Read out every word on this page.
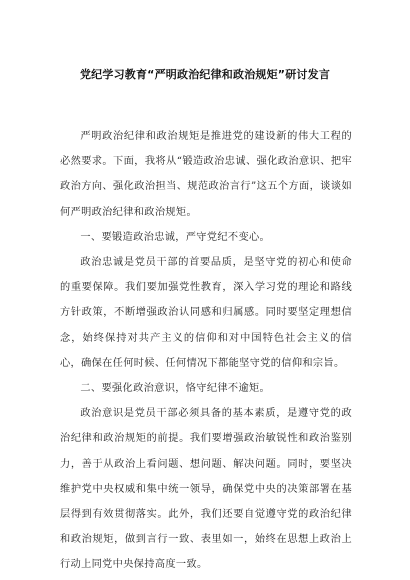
党纪学习教育“严明政治纪律和政治规矩”研讨发言

严明政治纪律和政治规矩是推进党的建设新的伟大工程的必然要求。下面，我将从“锻造政治忠诚、强化政治意识、把牢政治方向、强化政治担当、规范政治言行”这五个方面，谈谈如何严明政治纪律和政治规矩。

一、要锻造政治忠诚，严守党纪不变心。

政治忠诚是党员干部的首要品质，是坚守党的初心和使命的重要保障。我们要加强党性教育，深入学习党的理论和路线方针政策，不断增强政治认同感和归属感。同时要坚定理想信念，始终保持对共产主义的信仰和对中国特色社会主义的信心，确保在任何时候、任何情况下都能坚守党的信仰和宗旨。

二、要强化政治意识，恪守纪律不逾矩。

政治意识是党员干部必须具备的基本素质，是遵守党的政治纪律和政治规矩的前提。我们要增强政治敏锐性和政治鉴别力，善于从政治上看问题、想问题、解决问题。同时，要坚决维护党中央权威和集中统一领导，确保党中央的决策部署在基层得到有效贯彻落实。此外，我们还要自觉遵守党的政治纪律和政治规矩，做到言行一致、表里如一，始终在思想上政治上行动上同党中央保持高度一致。
